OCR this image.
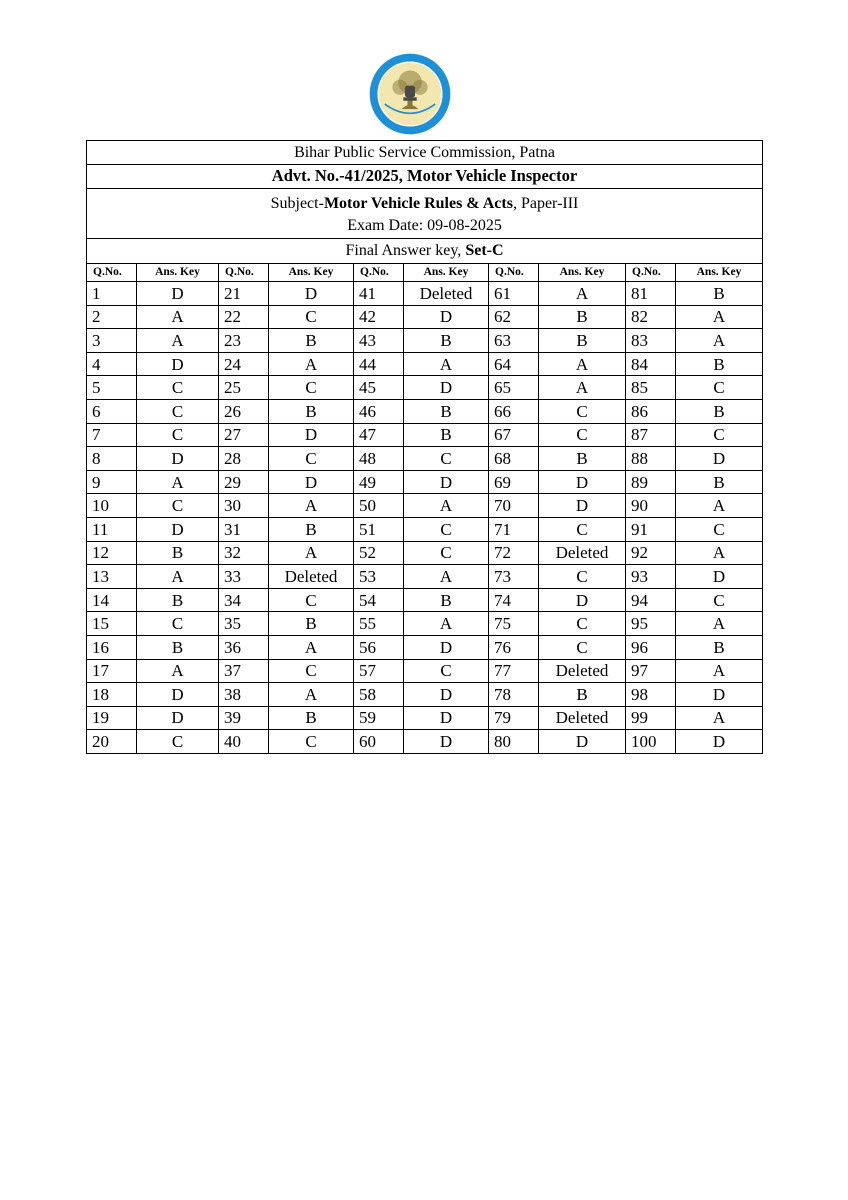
Bihar Public Service Commission, Patna									
Advt. No.-41/2025, Motor Vehicle Inspector									

Subject-Motor Vehicle Rules & Acts, Paper-III
Exam Date: 09-08-2025									

Final Answer key, Set-C									
Q.No.	Ans. Key	Q.No.	Ans. Key	Q.No.	Ans. Key	Q.No.	Ans. Key	Q.No.	Ans. Key
1	D	21	D	41	Deleted	61	A	81	B
2	A	22	C	42	D	62	B	82	A
3	A	23	B	43	B	63	B	83	A
4	D	24	A	44	A	64	A	84	B
5	C	25	C	45	D	65	A	85	C
6	C	26	B	46	B	66	C	86	B
7	C	27	D	47	B	67	C	87	C
8	D	28	C	48	C	68	B	88	D
9	A	29	D	49	D	69	D	89	B
10	C	30	A	50	A	70	D	90	A
11	D	31	B	51	C	71	C	91	C
12	B	32	A	52	C	72	Deleted	92	A
13	A	33	Deleted	53	A	73	C	93	D
14	B	34	C	54	B	74	D	94	C
15	C	35	B	55	A	75	C	95	A
16	B	36	A	56	D	76	C	96	B
17	A	37	C	57	C	77	Deleted	97	A
18	D	38	A	58	D	78	B	98	D
19	D	39	B	59	D	79	Deleted	99	A
20	C	40	C	60	D	80	D	100	D
